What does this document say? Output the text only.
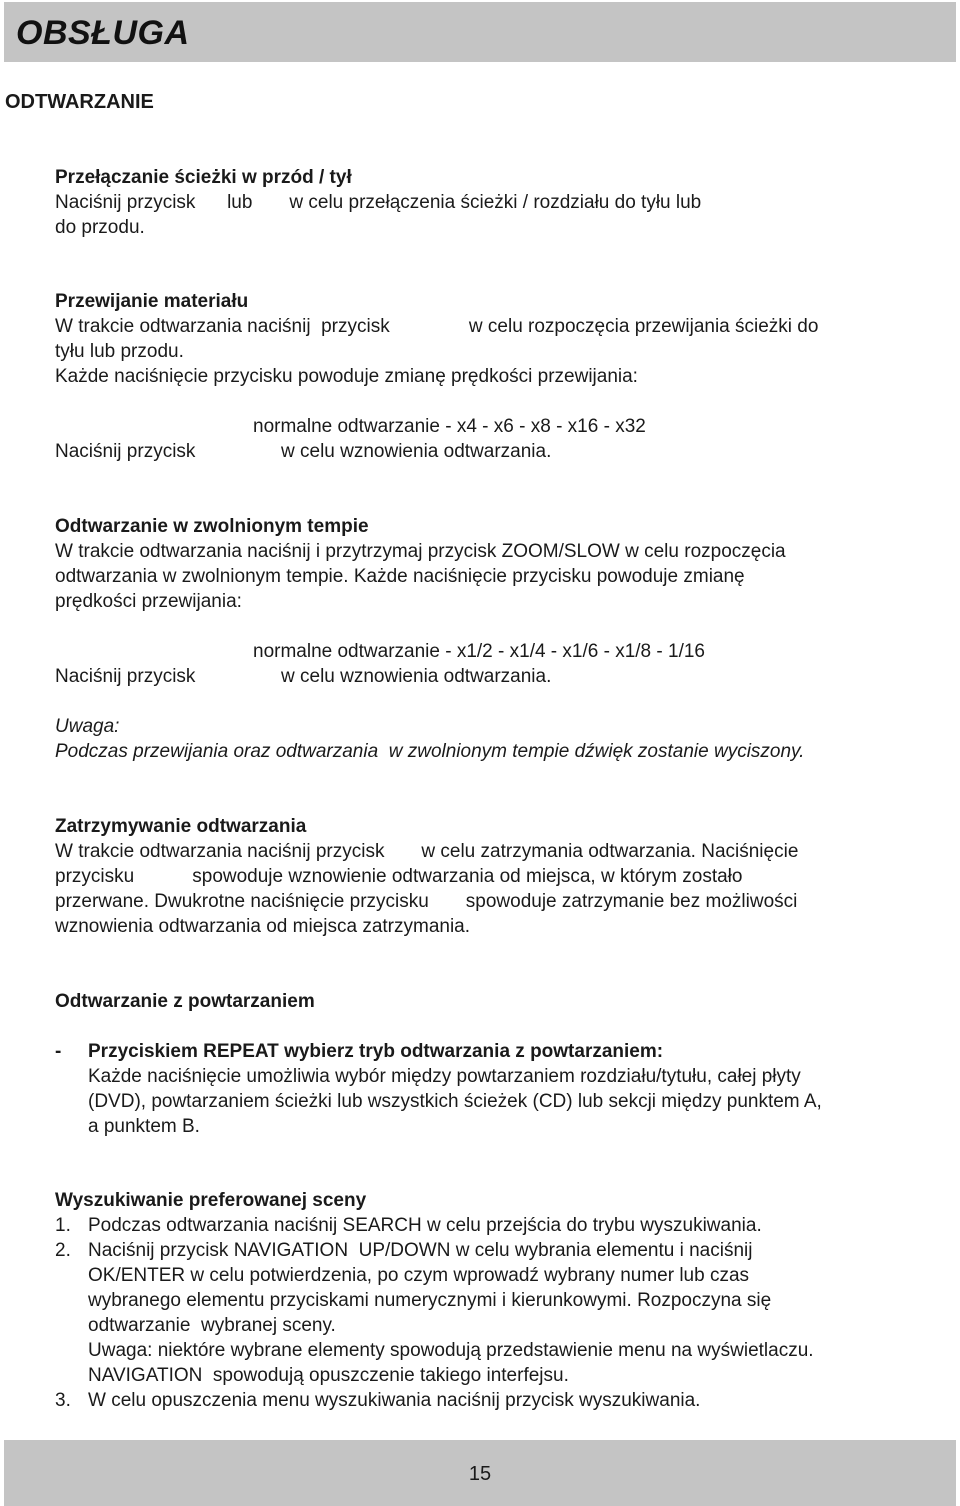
OBSŁUGA
ODTWARZANIE
Przełączanie ścieżki w przód / tył
Naciśnij przycisk      lub       w celu przełączenia ścieżki / rozdziału do tyłu lub
do przodu.
Przewijanie materiału
W trakcie odtwarzania naciśnij  przycisk               w celu rozpoczęcia przewijania ścieżki do
tyłu lub przodu.
Każde naciśnięcie przycisku powoduje zmianę prędkości przewijania:
normalne odtwarzanie - x4 - x6 - x8 - x16 - x32
Naciśnij przycisk	w celu wznowienia odtwarzania.
Odtwarzanie w zwolnionym tempie
W trakcie odtwarzania naciśnij i przytrzymaj przycisk ZOOM/SLOW w celu rozpoczęcia
odtwarzania w zwolnionym tempie. Każde naciśnięcie przycisku powoduje zmianę
prędkości przewijania:
normalne odtwarzanie - x1/2 - x1/4 - x1/6 - x1/8 - 1/16
Naciśnij przycisk	w celu wznowienia odtwarzania.
Uwaga:
Podczas przewijania oraz odtwarzania  w zwolnionym tempie dźwięk zostanie wyciszony.
Zatrzymywanie odtwarzania
W trakcie odtwarzania naciśnij przycisk       w celu zatrzymania odtwarzania. Naciśnięcie
przycisku           spowoduje wznowienie odtwarzania od miejsca, w którym zostało
przerwane. Dwukrotne naciśnięcie przycisku       spowoduje zatrzymanie bez możliwości
wznowienia odtwarzania od miejsca zatrzymania.
Odtwarzanie z powtarzaniem
-	Przyciskiem REPEAT wybierz tryb odtwarzania z powtarzaniem:
Każde naciśnięcie umożliwia wybór między powtarzaniem rozdziału/tytułu, całej płyty
(DVD), powtarzaniem ścieżki lub wszystkich ścieżek (CD) lub sekcji między punktem A,
a punktem B.
Wyszukiwanie preferowanej sceny
1. Podczas odtwarzania naciśnij SEARCH w celu przejścia do trybu wyszukiwania.
2. Naciśnij przycisk NAVIGATION  UP/DOWN w celu wybrania elementu i naciśnij
OK/ENTER w celu potwierdzenia, po czym wprowadź wybrany numer lub czas
wybranego elementu przyciskami numerycznymi i kierunkowymi. Rozpoczyna się
odtwarzanie  wybranej sceny.
Uwaga: niektóre wybrane elementy spowodują przedstawienie menu na wyświetlaczu.
NAVIGATION  spowodują opuszczenie takiego interfejsu.
3. W celu opuszczenia menu wyszukiwania naciśnij przycisk wyszukiwania.
15
